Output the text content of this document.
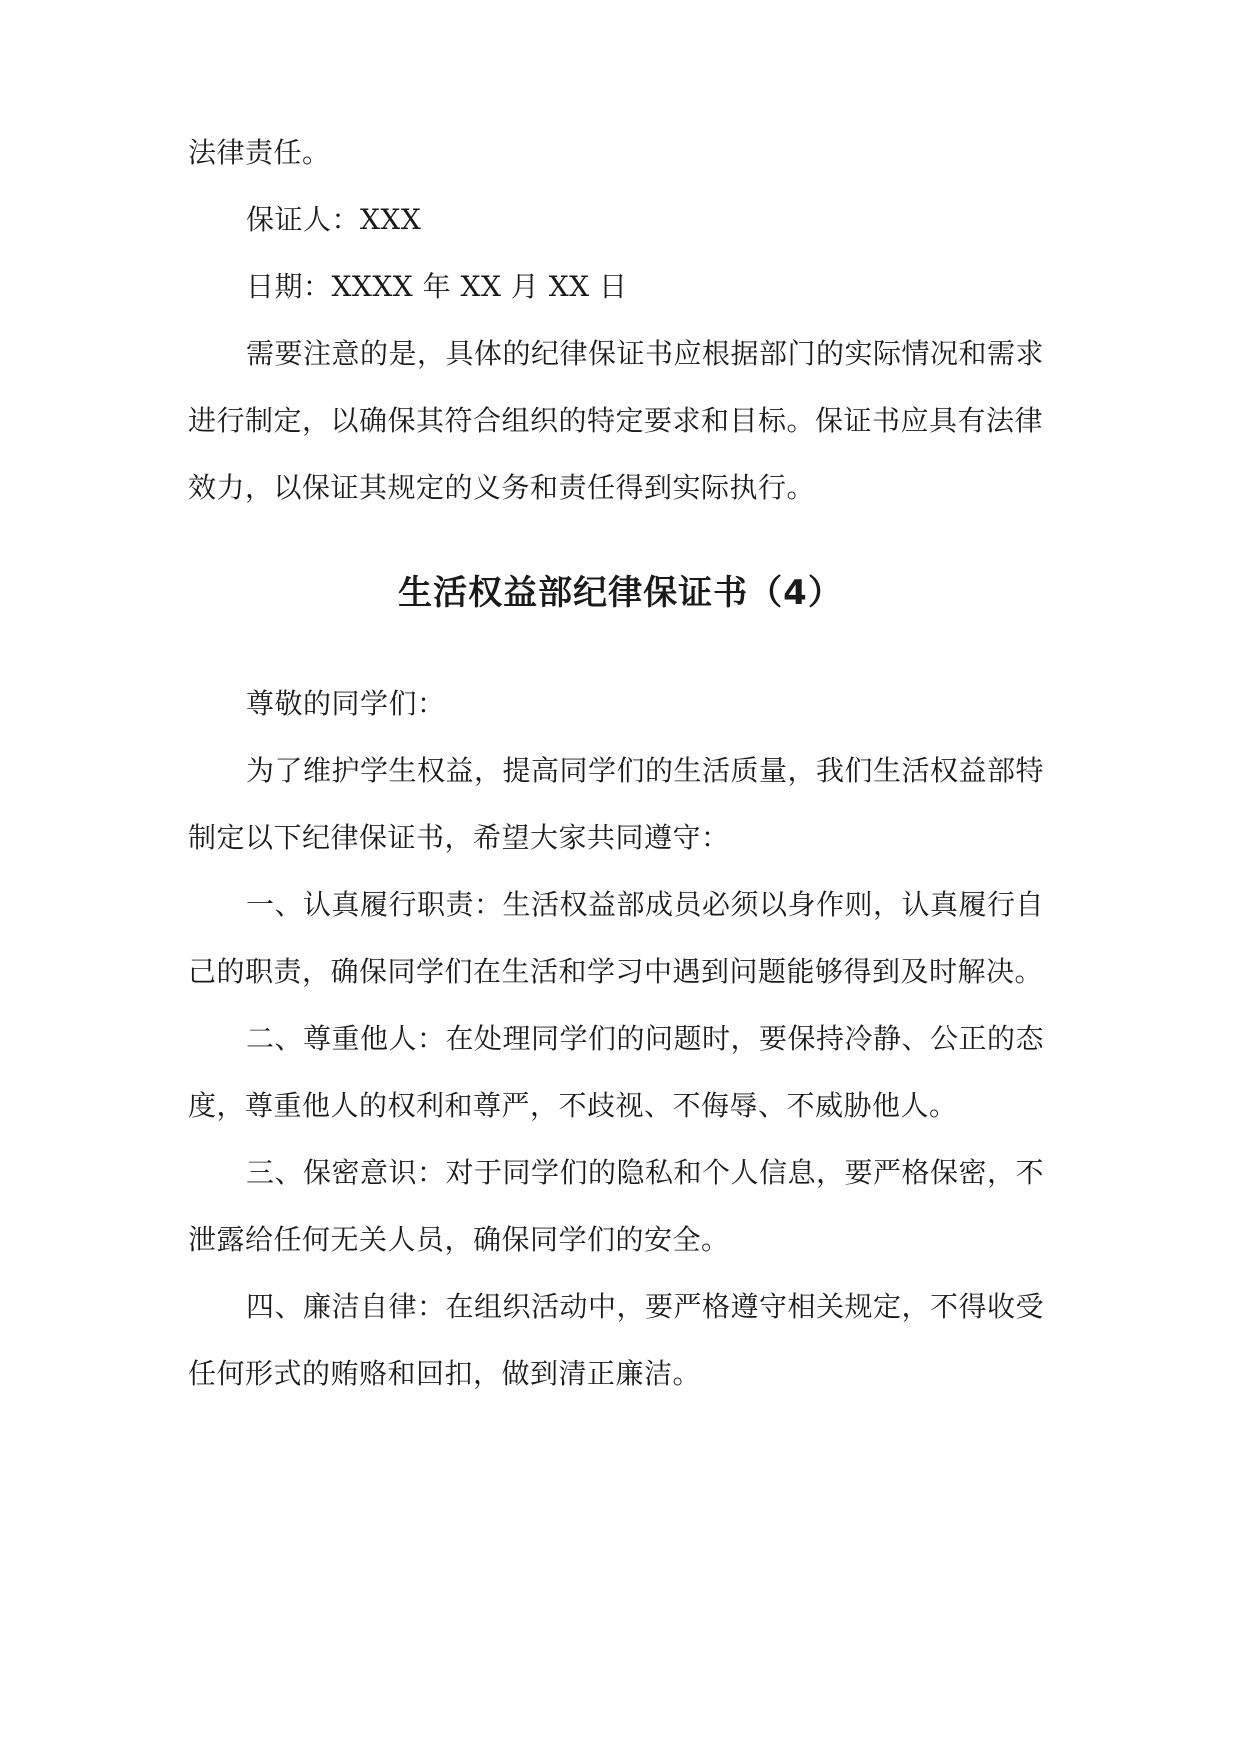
法律责任。
保证人：XXX
日期：XXXX 年 XX 月 XX 日
需要注意的是，具体的纪律保证书应根据部门的实际情况和需求
进行制定，以确保其符合组织的特定要求和目标。保证书应具有法律
效力，以保证其规定的义务和责任得到实际执行。
生活权益部纪律保证书（4）
尊敬的同学们：
为了维护学生权益，提高同学们的生活质量，我们生活权益部特
制定以下纪律保证书，希望大家共同遵守：
一、认真履行职责：生活权益部成员必须以身作则，认真履行自
己的职责，确保同学们在生活和学习中遇到问题能够得到及时解决。
二、尊重他人：在处理同学们的问题时，要保持冷静、公正的态
度，尊重他人的权利和尊严，不歧视、不侮辱、不威胁他人。
三、保密意识：对于同学们的隐私和个人信息，要严格保密，不
泄露给任何无关人员，确保同学们的安全。
四、廉洁自律：在组织活动中，要严格遵守相关规定，不得收受
任何形式的贿赂和回扣，做到清正廉洁。
